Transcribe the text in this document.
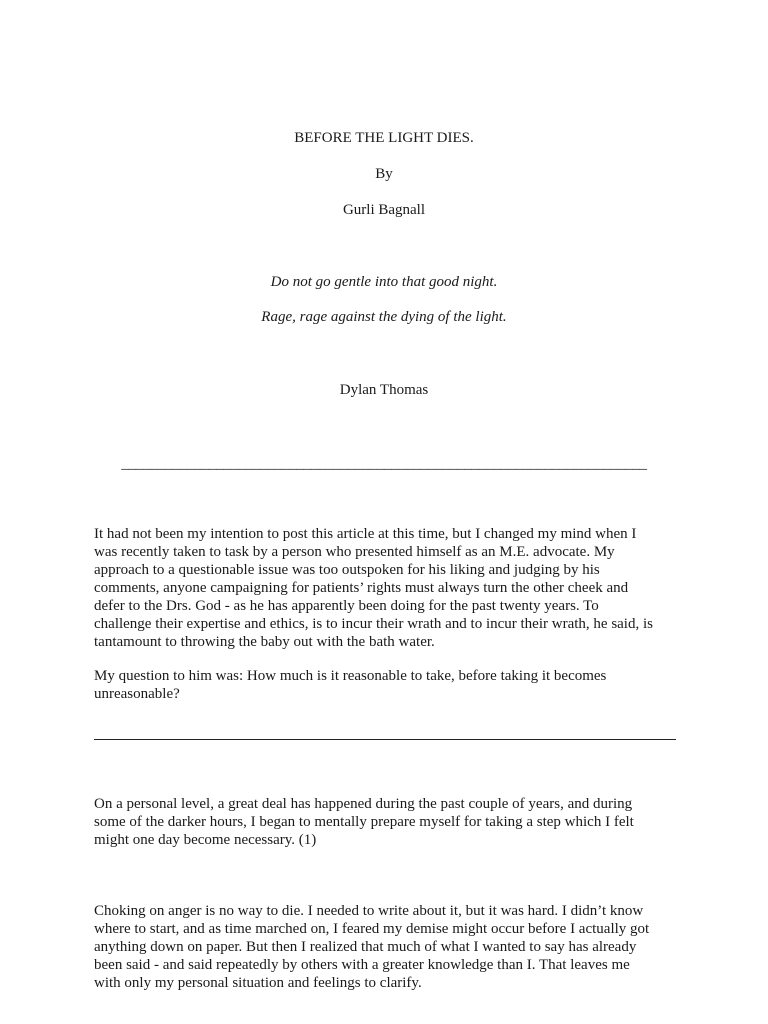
BEFORE THE LIGHT DIES.
By
Gurli Bagnall
Do not go gentle into that good night.
Rage, rage against the dying of the light.
Dylan Thomas
________________________________________________________________________
It had not been my intention to post this article at this time, but I changed my mind when I
was recently taken to task by a person who presented himself as an M.E. advocate. My
approach to a questionable issue was too outspoken for his liking and judging by his
comments, anyone campaigning for patients’ rights must always turn the other cheek and
defer to the Drs. God - as he has apparently been doing for the past twenty years. To
challenge their expertise and ethics, is to incur their wrath and to incur their wrath, he said, is
tantamount to throwing the baby out with the bath water.
My question to him was: How much is it reasonable to take, before taking it becomes
unreasonable?
On a personal level, a great deal has happened during the past couple of years, and during
some of the darker hours, I began to mentally prepare myself for taking a step which I felt
might one day become necessary. (1)
Choking on anger is no way to die. I needed to write about it, but it was hard. I didn’t know
where to start, and as time marched on, I feared my demise might occur before I actually got
anything down on paper. But then I realized that much of what I wanted to say has already
been said - and said repeatedly by others with a greater knowledge than I. That leaves me
with only my personal situation and feelings to clarify.
